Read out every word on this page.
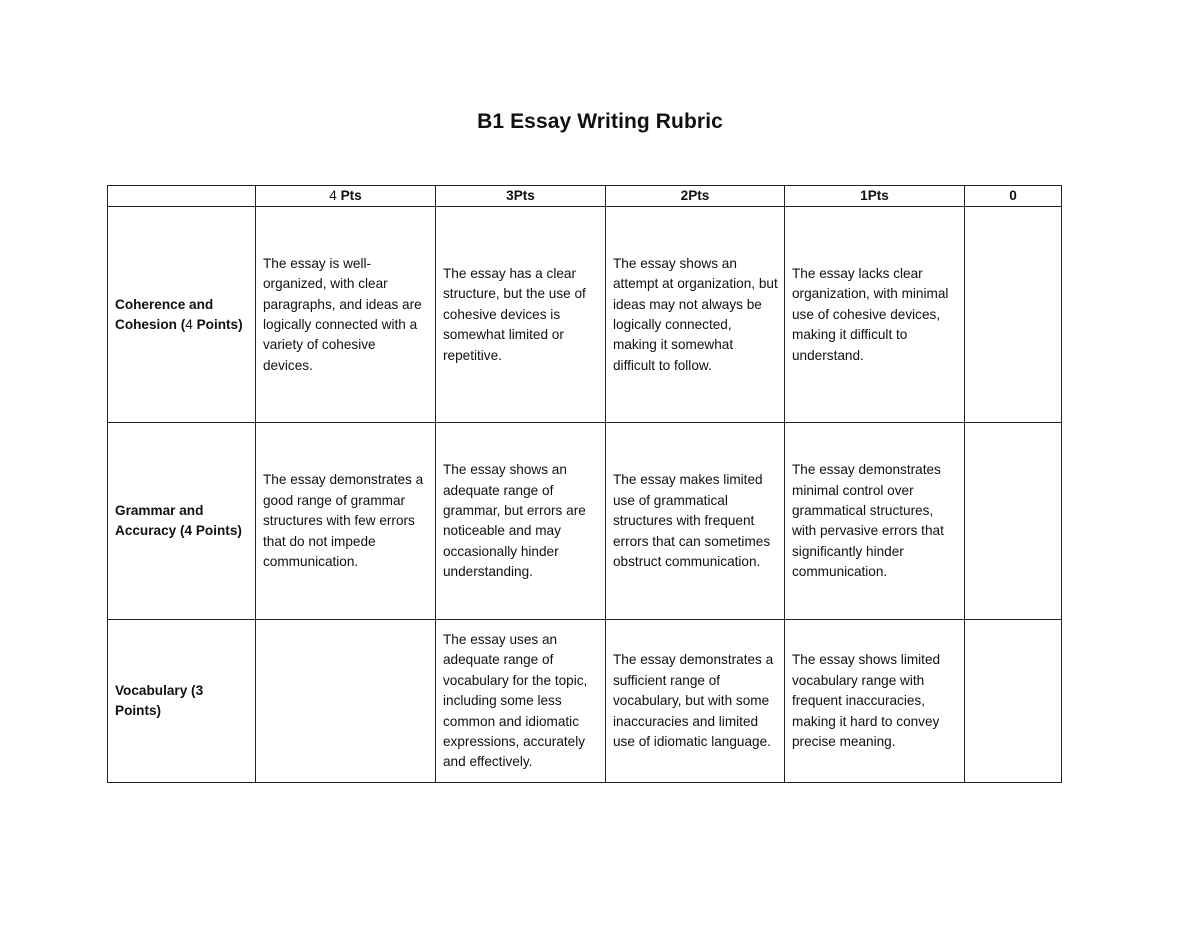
B1 Essay Writing Rubric
	4 Pts	3Pts	2Pts	1Pts	0
Coherence and Cohesion (4 Points)	The essay is well-organized, with clear paragraphs, and ideas are logically connected with a variety of cohesive devices.	The essay has a clear structure, but the use of cohesive devices is somewhat limited or repetitive.	The essay shows an attempt at organization, but ideas may not always be logically connected, making it somewhat difficult to follow.	The essay lacks clear organization, with minimal use of cohesive devices, making it difficult to understand.	
Grammar and Accuracy (4 Points)	The essay demonstrates a good range of grammar structures with few errors that do not impede communication.	The essay shows an adequate range of grammar, but errors are noticeable and may occasionally hinder understanding.	The essay makes limited use of grammatical structures with frequent errors that can sometimes obstruct communication.	The essay demonstrates minimal control over grammatical structures, with pervasive errors that significantly hinder communication.	
Vocabulary (3 Points)		The essay uses an adequate range of vocabulary for the topic, including some less common and idiomatic expressions, accurately and effectively.	The essay demonstrates a sufficient range of vocabulary, but with some inaccuracies and limited use of idiomatic language.	The essay shows limited vocabulary range with frequent inaccuracies, making it hard to convey precise meaning.	
